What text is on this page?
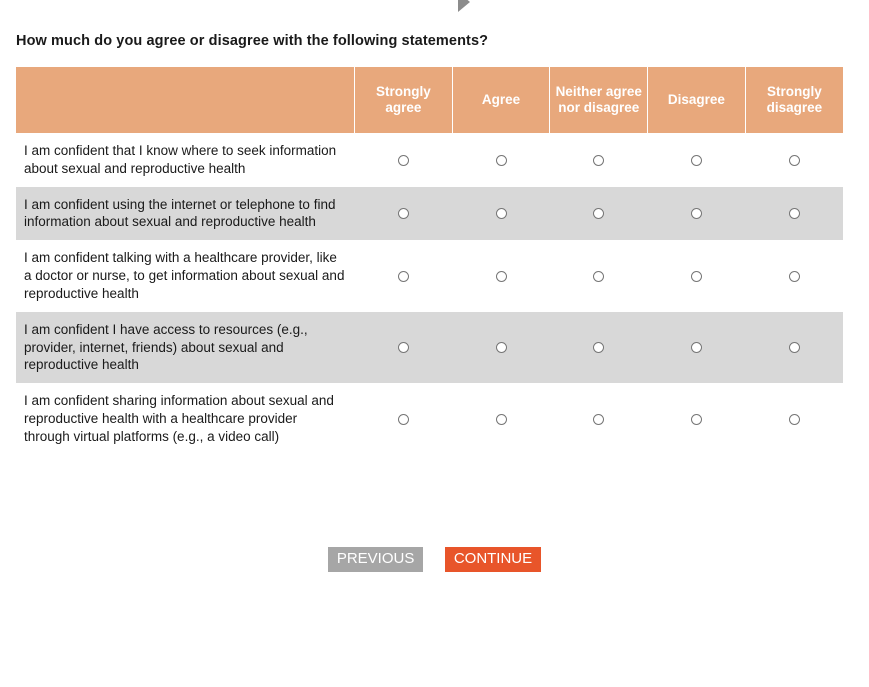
How much do you agree or disagree with the following statements?
	Strongly agree	Agree	Neither agree nor disagree	Disagree	Strongly disagree
I am confident that I know where to seek information about sexual and reproductive health					
I am confident using the internet or telephone to find information about sexual and reproductive health					
I am confident talking with a healthcare provider, like a doctor or nurse, to get information about sexual and reproductive health					
I am confident I have access to resources (e.g., provider, internet, friends) about sexual and reproductive health					
I am confident sharing information about sexual and reproductive health with a healthcare provider through virtual platforms (e.g., a video call)					
PREVIOUS	CONTINUE
